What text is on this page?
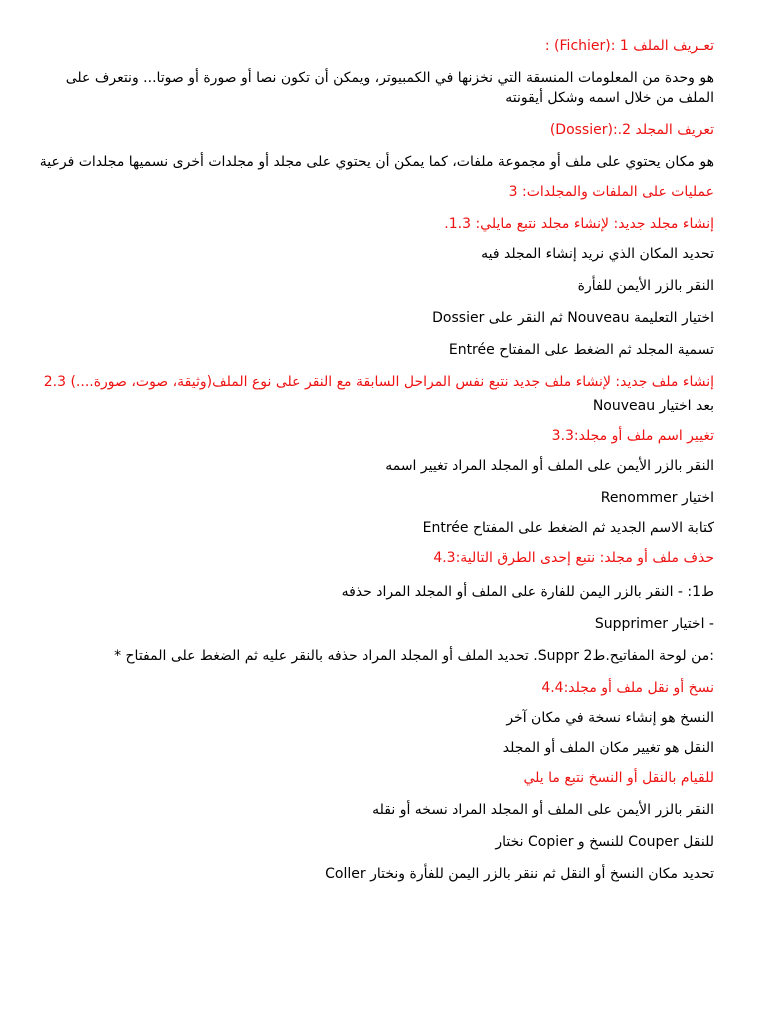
تعـريف الملف 1 :(Fichier) :
هو وحدة من المعلومات المنسقة التي نخزنها في الكمبيوتر، ويمكن أن تكون نصا أو صورة أو صوتا... ونتعرف على الملف من خلال اسمه وشكل أيقونته
تعريف المجلد 2.:(Dossier)
هو مكان يحتوي على ملف أو مجموعة ملفات، كما يمكن أن يحتوي على مجلد أو مجلدات أخرى نسميها مجلدات فرعية
عمليات على الملفات والمجلدات: 3
إنشاء مجلد جديد: لإنشاء مجلد نتبع مايلي: 1.3.
تحديد المكان الذي نريد إنشاء المجلد فيه
النقر بالزر الأيمن للفأرة
Dossier ثم النقر على Nouveau اختيار التعليمة
Entrée تسمية المجلد ثم الضغط على المفتاح
إنشاء ملف جديد: لإنشاء ملف جديد نتبع نفس المراحل السابقة مع النقر على نوع الملف(وثيقة، صوت، صورة....) 2.3
Nouveau بعد اختيار
تغيير اسم ملف أو مجلد:3.3
النقر بالزر الأيمن على الملف أو المجلد المراد تغيير اسمه
Renommer اختيار
Entrée كتابة الاسم الجديد ثم الضغط على المفتاح
حذف ملف أو مجلد: نتبع إحدى الطرق التالية:4.3
ط1: - النقر بالزر اليمن للفارة على الملف أو المجلد المراد حذفه
Supprimer اختيار -
:من لوحة المفاتيح.ط2 Suppr. تحديد الملف أو المجلد المراد حذفه بالنقر عليه ثم الضغط على المفتاح *
نسخ أو نقل ملف أو مجلد:4.4
النسخ هو إنشاء نسخة في مكان آخر
النقل هو تغيير مكان الملف أو المجلد
للقيام بالنقل أو النسخ نتبع ما يلي
النقر بالزر الأيمن على الملف أو المجلد المراد نسخه أو نقله
للنقل Couper للنسخ و Copier نختار
Coller تحديد مكان النسخ أو النقل ثم ننقر بالزر اليمن للفأرة ونختار
